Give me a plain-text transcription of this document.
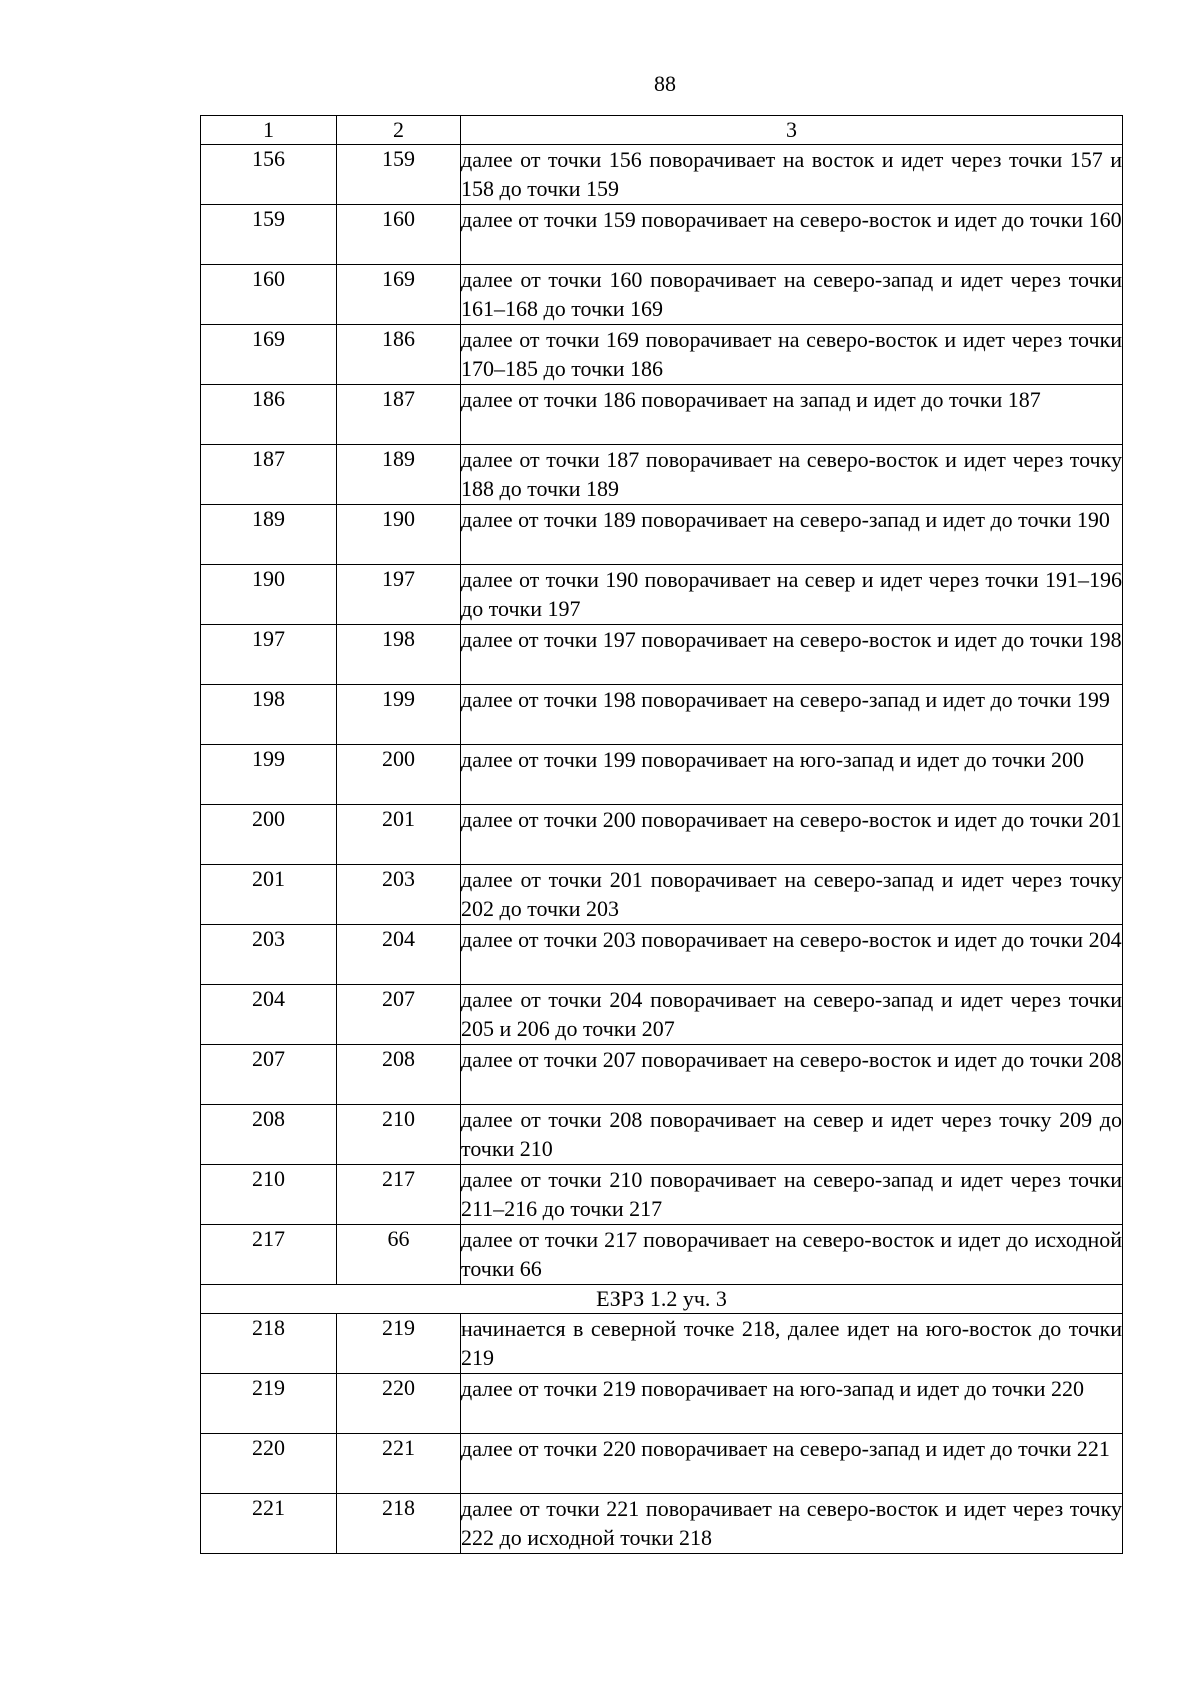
88
1	2	3
156	159	далее от точки 156 поворачивает на восток и идет через точки 157 и 158 до точки 159
159	160	далее от точки 159 поворачивает на северо-восток и идет до точки 160
160	169	далее от точки 160 поворачивает на северо-запад и идет через точки 161–168 до точки 169
169	186	далее от точки 169 поворачивает на северо-восток и идет через точки 170–185 до точки 186
186	187	далее от точки 186 поворачивает на запад и идет до точки 187
187	189	далее от точки 187 поворачивает на северо-восток и идет через точку 188 до точки 189
189	190	далее от точки 189 поворачивает на северо-запад и идет до точки 190
190	197	далее от точки 190 поворачивает на север и идет через точки 191–196 до точки 197
197	198	далее от точки 197 поворачивает на северо-восток и идет до точки 198
198	199	далее от точки 198 поворачивает на северо-запад и идет до точки 199
199	200	далее от точки 199 поворачивает на юго-запад и идет до точки 200
200	201	далее от точки 200 поворачивает на северо-восток и идет до точки 201
201	203	далее от точки 201 поворачивает на северо-запад и идет через точку 202 до точки 203
203	204	далее от точки 203 поворачивает на северо-восток и идет до точки 204
204	207	далее от точки 204 поворачивает на северо-запад и идет через точки 205 и 206 до точки 207
207	208	далее от точки 207 поворачивает на северо-восток и идет до точки 208
208	210	далее от точки 208 поворачивает на север и идет через точку 209 до точки 210
210	217	далее от точки 210 поворачивает на северо-запад и идет через точки 211–216 до точки 217
217	66	далее от точки 217 поворачивает на северо-восток и идет до исходной точки 66
ЕЗРЗ 1.2 уч. 3		
218	219	начинается в северной точке 218, далее идет на юго-восток до точки 219
219	220	далее от точки 219 поворачивает на юго-запад и идет до точки 220
220	221	далее от точки 220 поворачивает на северо-запад и идет до точки 221
221	218	далее от точки 221 поворачивает на северо-восток и идет через точку 222 до исходной точки 218
